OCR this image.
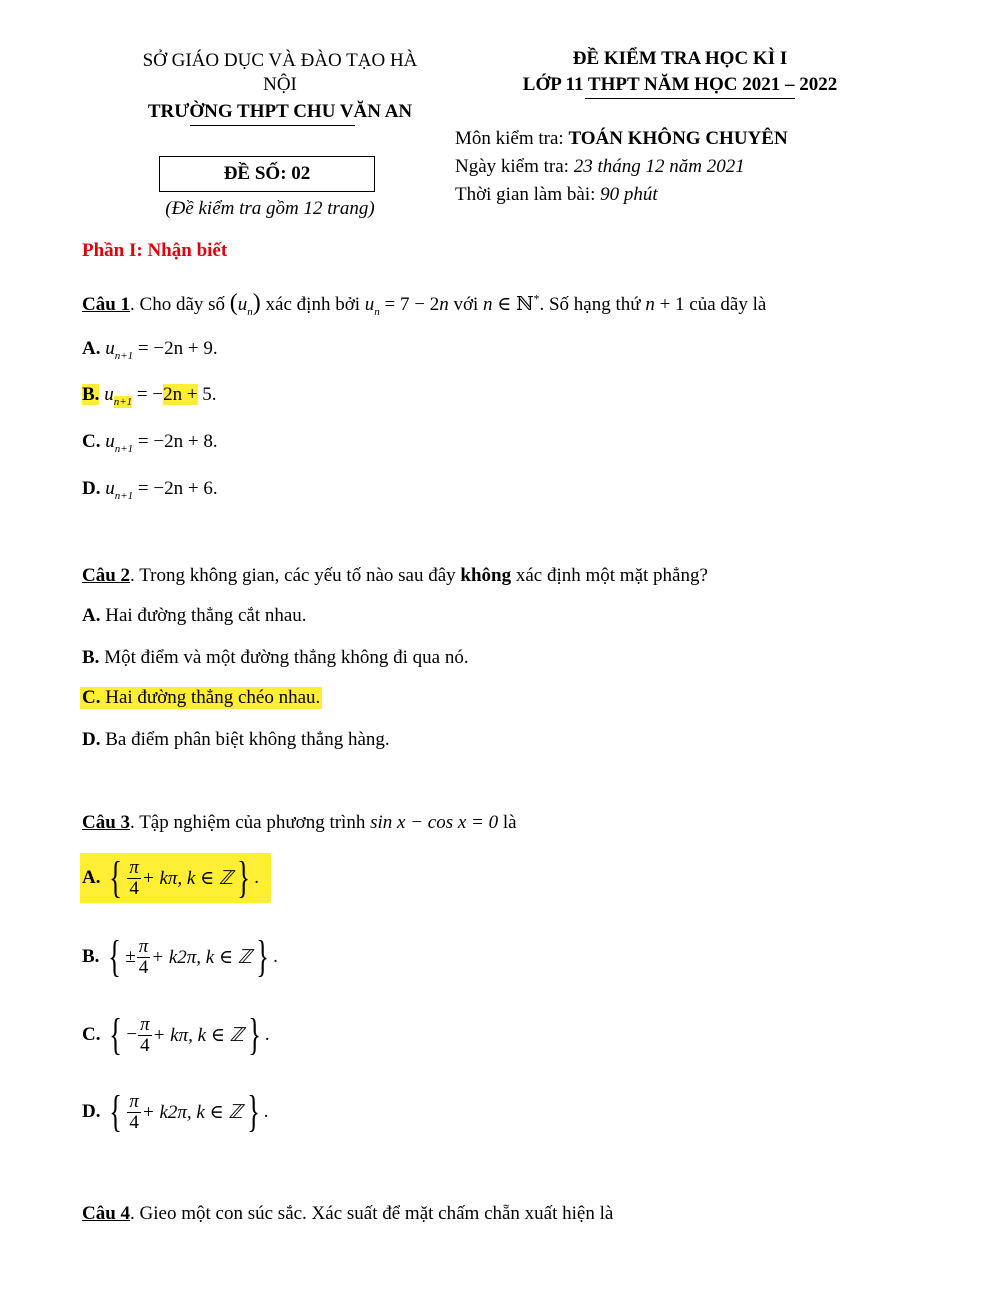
SỞ GIÁO DỤC VÀ ĐÀO TẠO HÀ
NỘI
TRƯỜNG THPT CHU VĂN AN
ĐỀ KIỂM TRA HỌC KÌ I
LỚP 11 THPT NĂM HỌC 2021 – 2022
Môn kiểm tra: TOÁN KHÔNG CHUYÊN
Ngày kiểm tra: 23 tháng 12 năm 2021
Thời gian làm bài: 90 phút
ĐỀ SỐ: 02
(Đề kiểm tra gồm 12 trang)
Phần I: Nhận biết
Câu 1. Cho dãy số $(u_n)$ xác định bởi $u_n = 7 - 2n$ với n ∈ ℕ*. Số hạng thứ n + 1 của dãy là
A. $u_{n+1} = -2n + 9$.
B. $u_{n+1} = -2n + 5$.
C. $u_{n+1} = -2n + 8$.
D. $u_{n+1} = -2n + 6$.
Câu 2. Trong không gian, các yếu tố nào sau đây không xác định một mặt phẳng?
A. Hai đường thẳng cắt nhau.
B. Một điểm và một đường thẳng không đi qua nó.
C. Hai đường thẳng chéo nhau.
D. Ba điểm phân biệt không thẳng hàng.
Câu 3. Tập nghiệm của phương trình sin x − cos x = 0 là
A.
{ $\frac{\pi}{4} + k\pi$, k ∈ ℤ } .
B.
{ ± $\frac{\pi}{4} + k2\pi$, k ∈ ℤ } .
C.
{ − $\frac{\pi}{4} + k\pi$, k ∈ ℤ } .
D.
{ $\frac{\pi}{4} + k2\pi$, k ∈ ℤ } .
Câu 4. Gieo một con súc sắc. Xác suất để mặt chấm chẵn xuất hiện là
